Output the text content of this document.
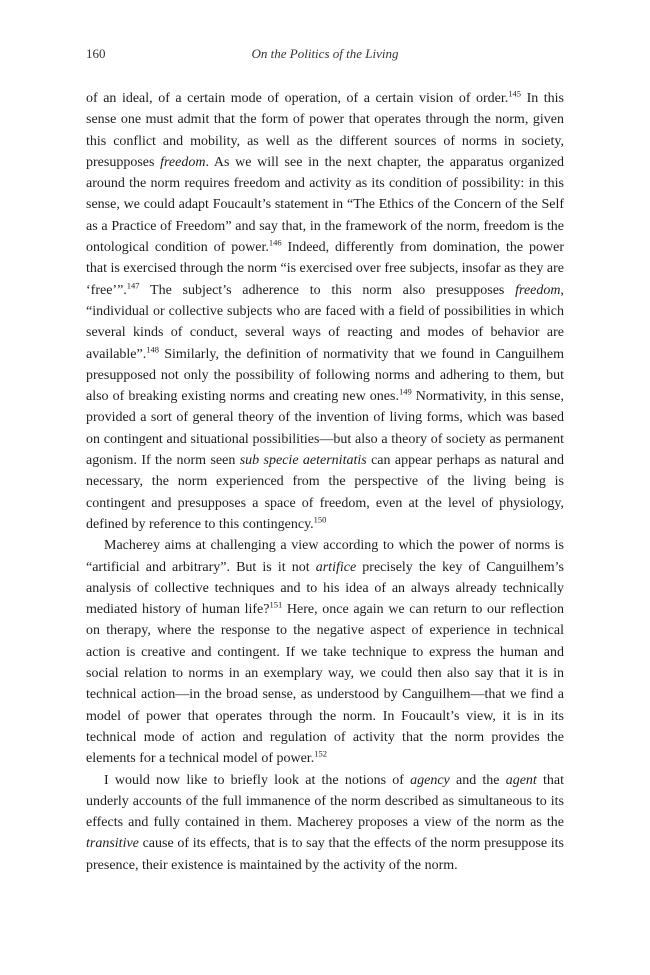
160	On the Politics of the Living

of an ideal, of a certain mode of operation, of a certain vision of order.$^{145}$ In this sense one must admit that the form of power that operates through the norm, given this conflict and mobility, as well as the different sources of norms in society, presupposes freedom. As we will see in the next chapter, the apparatus organized around the norm requires freedom and activity as its condition of possibility: in this sense, we could adapt Foucault’s statement in “The Ethics of the Concern of the Self as a Practice of Freedom” and say that, in the framework of the norm, freedom is the ontological condition of power.$^{146}$ Indeed, differently from domination, the power that is exercised through the norm “is exercised over free subjects, insofar as they are ‘free’”.$^{147}$ The subject’s adherence to this norm also presupposes freedom, “individual or collective subjects who are faced with a field of possibilities in which several kinds of conduct, several ways of reacting and modes of behavior are available”.$^{148}$ Similarly, the definition of normativity that we found in Canguilhem presupposed not only the possibility of following norms and adhering to them, but also of breaking existing norms and creating new ones.$^{149}$ Normativity, in this sense, provided a sort of general theory of the invention of living forms, which was based on contingent and situational possibilities—but also a theory of society as permanent agonism. If the norm seen sub specie aeternitatis can appear perhaps as natural and necessary, the norm experienced from the perspective of the living being is contingent and presupposes a space of freedom, even at the level of physiology, defined by reference to this contingency.$^{150}$

Macherey aims at challenging a view according to which the power of norms is “artificial and arbitrary”. But is it not artifice precisely the key of Canguilhem’s analysis of collective techniques and to his idea of an always already technically mediated history of human life?$^{151}$ Here, once again we can return to our reflection on therapy, where the response to the negative aspect of experience in technical action is creative and contingent. If we take technique to express the human and social relation to norms in an exemplary way, we could then also say that it is in technical action—in the broad sense, as understood by Canguilhem—that we find a model of power that operates through the norm. In Foucault’s view, it is in its technical mode of action and regulation of activity that the norm provides the elements for a technical model of power.$^{152}$

I would now like to briefly look at the notions of agency and the agent that underly accounts of the full immanence of the norm described as simultaneous to its effects and fully contained in them. Macherey proposes a view of the norm as the transitive cause of its effects, that is to say that the effects of the norm presuppose its presence, their existence is maintained by the activity of the norm.
